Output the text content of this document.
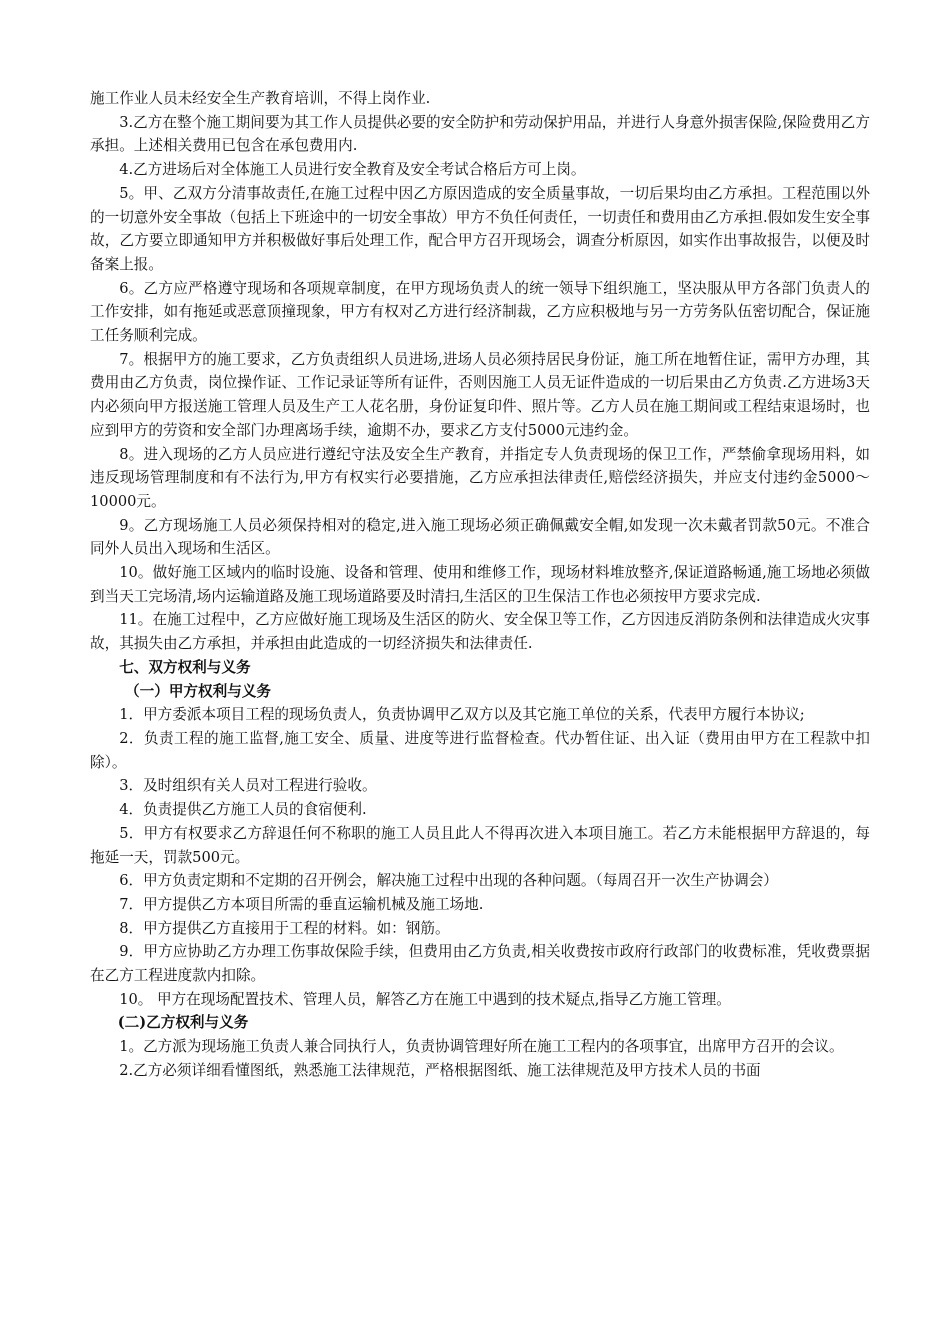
施工作业人员未经安全生产教育培训，不得上岗作业.

3.乙方在整个施工期间要为其工作人员提供必要的安全防护和劳动保护用品，并进行人身意外损害保险,保险费用乙方承担。上述相关费用已包含在承包费用内.

4.乙方进场后对全体施工人员进行安全教育及安全考试合格后方可上岗。

5。甲、乙双方分清事故责任,在施工过程中因乙方原因造成的安全质量事故，一切后果均由乙方承担。工程范围以外的一切意外安全事故（包括上下班途中的一切安全事故）甲方不负任何责任，一切责任和费用由乙方承担.假如发生安全事故，乙方要立即通知甲方并积极做好事后处理工作，配合甲方召开现场会，调查分析原因，如实作出事故报告，以便及时备案上报。

6。乙方应严格遵守现场和各项规章制度，在甲方现场负责人的统一领导下组织施工，坚决服从甲方各部门负责人的工作安排，如有拖延或恶意顶撞现象，甲方有权对乙方进行经济制裁，乙方应积极地与另一方劳务队伍密切配合，保证施工任务顺利完成。

7。根据甲方的施工要求，乙方负责组织人员进场,进场人员必须持居民身份证，施工所在地暂住证，需甲方办理，其费用由乙方负责，岗位操作证、工作记录证等所有证件，否则因施工人员无证件造成的一切后果由乙方负责.乙方进场3天内必须向甲方报送施工管理人员及生产工人花名册，身份证复印件、照片等。乙方人员在施工期间或工程结束退场时，也应到甲方的劳资和安全部门办理离场手续，逾期不办，要求乙方支付5000元违约金。

8。进入现场的乙方人员应进行遵纪守法及安全生产教育，并指定专人负责现场的保卫工作，严禁偷拿现场用料，如违反现场管理制度和有不法行为,甲方有权实行必要措施，乙方应承担法律责任,赔偿经济损失，并应支付违约金5000～10000元。

9。乙方现场施工人员必须保持相对的稳定,进入施工现场必须正确佩戴安全帽,如发现一次未戴者罚款50元。不准合同外人员出入现场和生活区。

10。做好施工区域内的临时设施、设备和管理、使用和维修工作，现场材料堆放整齐,保证道路畅通,施工场地必须做到当天工完场清,场内运输道路及施工现场道路要及时清扫,生活区的卫生保洁工作也必须按甲方要求完成.

11。在施工过程中，乙方应做好施工现场及生活区的防火、安全保卫等工作，乙方因违反消防条例和法律造成火灾事故，其损失由乙方承担，并承担由此造成的一切经济损失和法律责任.

七、双方权利与义务

（一）甲方权利与义务

1．甲方委派本项目工程的现场负责人，负责协调甲乙双方以及其它施工单位的关系，代表甲方履行本协议;

2．负责工程的施工监督,施工安全、质量、进度等进行监督检查。代办暂住证、出入证（费用由甲方在工程款中扣除）。

3．及时组织有关人员对工程进行验收。

4．负责提供乙方施工人员的食宿便利.

5．甲方有权要求乙方辞退任何不称职的施工人员且此人不得再次进入本项目施工。若乙方未能根据甲方辞退的，每拖延一天，罚款500元。

6．甲方负责定期和不定期的召开例会，解决施工过程中出现的各种问题。（每周召开一次生产协调会）

7．甲方提供乙方本项目所需的垂直运输机械及施工场地.

8．甲方提供乙方直接用于工程的材料。如：钢筋。

9．甲方应协助乙方办理工伤事故保险手续，但费用由乙方负责,相关收费按市政府行政部门的收费标准，凭收费票据在乙方工程进度款内扣除。

10。 甲方在现场配置技术、管理人员，解答乙方在施工中遇到的技术疑点,指导乙方施工管理。

(二)乙方权利与义务

1。乙方派为现场施工负责人兼合同执行人，负责协调管理好所在施工工程内的各项事宜，出席甲方召开的会议。

2.乙方必须详细看懂图纸，熟悉施工法律规范，严格根据图纸、施工法律规范及甲方技术人员的书面
